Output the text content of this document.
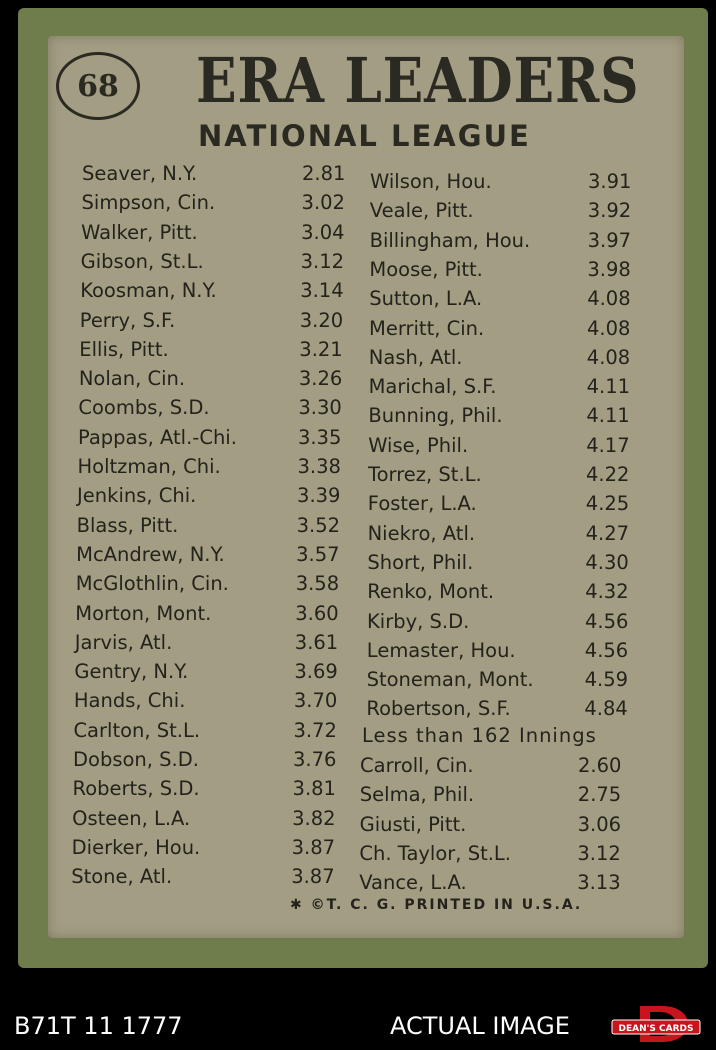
68	ERA LEADERS
NATIONAL LEAGUE
Seaver, N.Y.	2.81
Simpson, Cin.	3.02
Walker, Pitt.	3.04
Gibson, St.L.	3.12
Koosman, N.Y.	3.14
Perry, S.F.	3.20
Ellis, Pitt.	3.21
Nolan, Cin.	3.26
Coombs, S.D.	3.30
Pappas, Atl.-Chi.	3.35
Holtzman, Chi.	3.38
Jenkins, Chi.	3.39
Blass, Pitt.	3.52
McAndrew, N.Y.	3.57
McGlothlin, Cin.	3.58
Morton, Mont.	3.60
Jarvis, Atl.	3.61
Gentry, N.Y.	3.69
Hands, Chi.	3.70
Carlton, St.L.	3.72
Dobson, S.D.	3.76
Roberts, S.D.	3.81
Osteen, L.A.	3.82
Dierker, Hou.	3.87
Stone, Atl.	3.87
Wilson, Hou.	3.91
Veale, Pitt.	3.92
Billingham, Hou.	3.97
Moose, Pitt.	3.98
Sutton, L.A.	4.08
Merritt, Cin.	4.08
Nash, Atl.	4.08
Marichal, S.F.	4.11
Bunning, Phil.	4.11
Wise, Phil.	4.17
Torrez, St.L.	4.22
Foster, L.A.	4.25
Niekro, Atl.	4.27
Short, Phil.	4.30
Renko, Mont.	4.32
Kirby, S.D.	4.56
Lemaster, Hou.	4.56
Stoneman, Mont.	4.59
Robertson, S.F.	4.84
Carroll, Cin.	2.60
Selma, Phil.	2.75
Giusti, Pitt.	3.06
Ch. Taylor, St.L.	3.12
Vance, L.A.	3.13
Less than 162 Innings
✱ ©T. C. G. PRINTED IN U.S.A.
B71T 11 1777	ACTUAL IMAGE	DEAN'S CARDS
